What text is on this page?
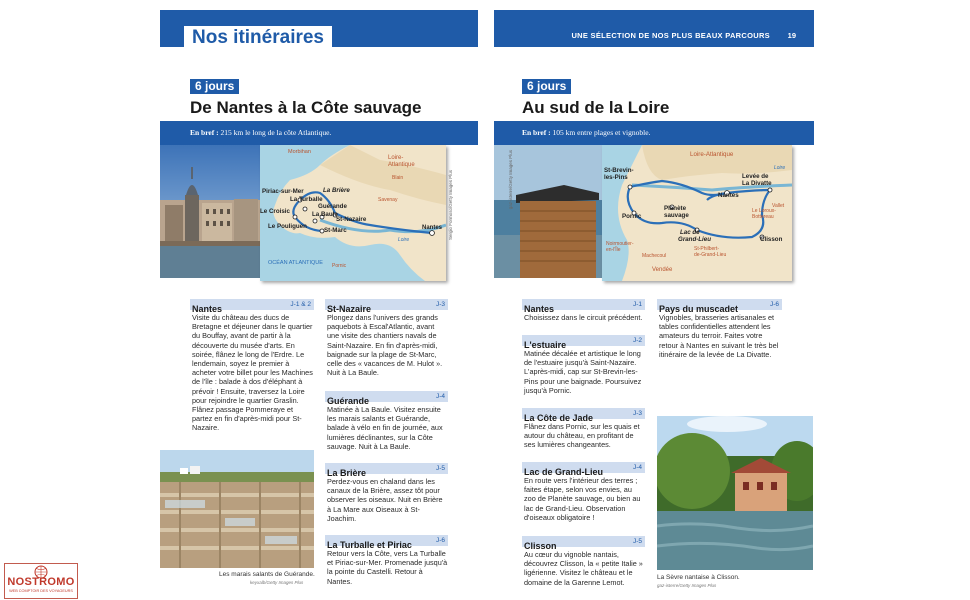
Nos itinéraires
6 jours
De Nantes à la Côte sauvage
En bref : 215 km le long de la côte Atlantique.
Morbihan
Loire-
Atlantique
Blain
Piriac-sur-Mer
La Turballe
La Brière
Guérande
Le Croisic	La Baule
Le Pouliguen
St-Nazaire
St-Marc	Nantes
Savenay
Loire
OCÉAN ATLANTIQUE Pornic
Sergio Formoso/Getty Images Plus
Nantes	J-1 & 2
Visite du château des ducs de Bretagne et déjeuner dans le quartier du Bouffay, avant de partir à la découverte du musée d'arts. En soirée, flânez le long de l'Erdre. Le lendemain, soyez le premier à acheter votre billet pour les Machines de l'île : balade à dos d'éléphant à prévoir ! Ensuite, traversez la Loire pour rejoindre le quartier Graslin. Flânez passage Pommeraye et partez en fin d'après-midi pour St-Nazaire.
Les marais salants de Guérande.
keyxalb/Getty Images Plus
St-Nazaire	J-3
Plongez dans l'univers des grands paquebots à Escal'Atlantic, avant une visite des chantiers navals de Saint-Nazaire. En fin d'après-midi, baignade sur la plage de St-Marc, celle des « vacances de M. Hulot ». Nuit à La Baule.
Guérande	J-4
Matinée à La Baule. Visitez ensuite les marais salants et Guérande, balade à vélo en fin de journée, aux lumières déclinantes, sur la Côte sauvage. Nuit à La Baule.
La Brière	J-5
Perdez-vous en chaland dans les canaux de la Brière, assez tôt pour observer les oiseaux. Nuit en Brière à La Mare aux Oiseaux à St-Joachim.
La Turballe et Piriac	J-6
Retour vers la Côte, vers La Turballe et Piriac-sur-Mer. Promenade jusqu'à la pointe du Castelli. Retour à Nantes.
UNE SÉLECTION DE NOS PLUS BEAUX PARCOURS 19
6 jours
Au sud de la Loire
En bref : 105 km entre plages et vignoble.
gaz-isterre/Getty Images Plus	Loire-Atlantique
St-Brevin-
les-Pins	Levée de
La Divatte
Nantes
Pornic
Planète
sauvage
Lac de
Grand-Lieu	Clisson
Vallet
Le Loroux-
Bottereau
Noirmoutier-
en-l'Île	St-Philbert-
de-Grand-Lieu
Vendée
Loire
Machecoul
Nantes	J-1
Choisissez dans le circuit précédent.
L'estuaire	J-2
Matinée décalée et artistique le long de l'estuaire jusqu'à Saint-Nazaire. L'après-midi, cap sur St-Brevin-les-Pins pour une baignade. Poursuivez jusqu'à Pornic.
La Côte de Jade	J-3
Flânez dans Pornic, sur les quais et autour du château, en profitant de ses lumières changeantes.
Lac de Grand-Lieu	J-4
En route vers l'intérieur des terres ; faites étape, selon vos envies, au zoo de Planète sauvage, ou bien au lac de Grand-Lieu. Observation d'oiseaux obligatoire !
Clisson	J-5
Au cœur du vignoble nantais, découvrez Clisson, la « petite Italie » ligérienne. Visitez le château et le domaine de la Garenne Lemot.
Pays du muscadet	J-6
Vignobles, brasseries artisanales et tables confidentielles attendent les amateurs du terroir. Faites votre retour à Nantes en suivant le très bel itinéraire de la levée de La Divatte.
La Sèvre nantaise à Clisson.
gaz-isterre/Getty Images Plus
NOSTROMO
WEB COMPTOIR DES VOYAGEURS
